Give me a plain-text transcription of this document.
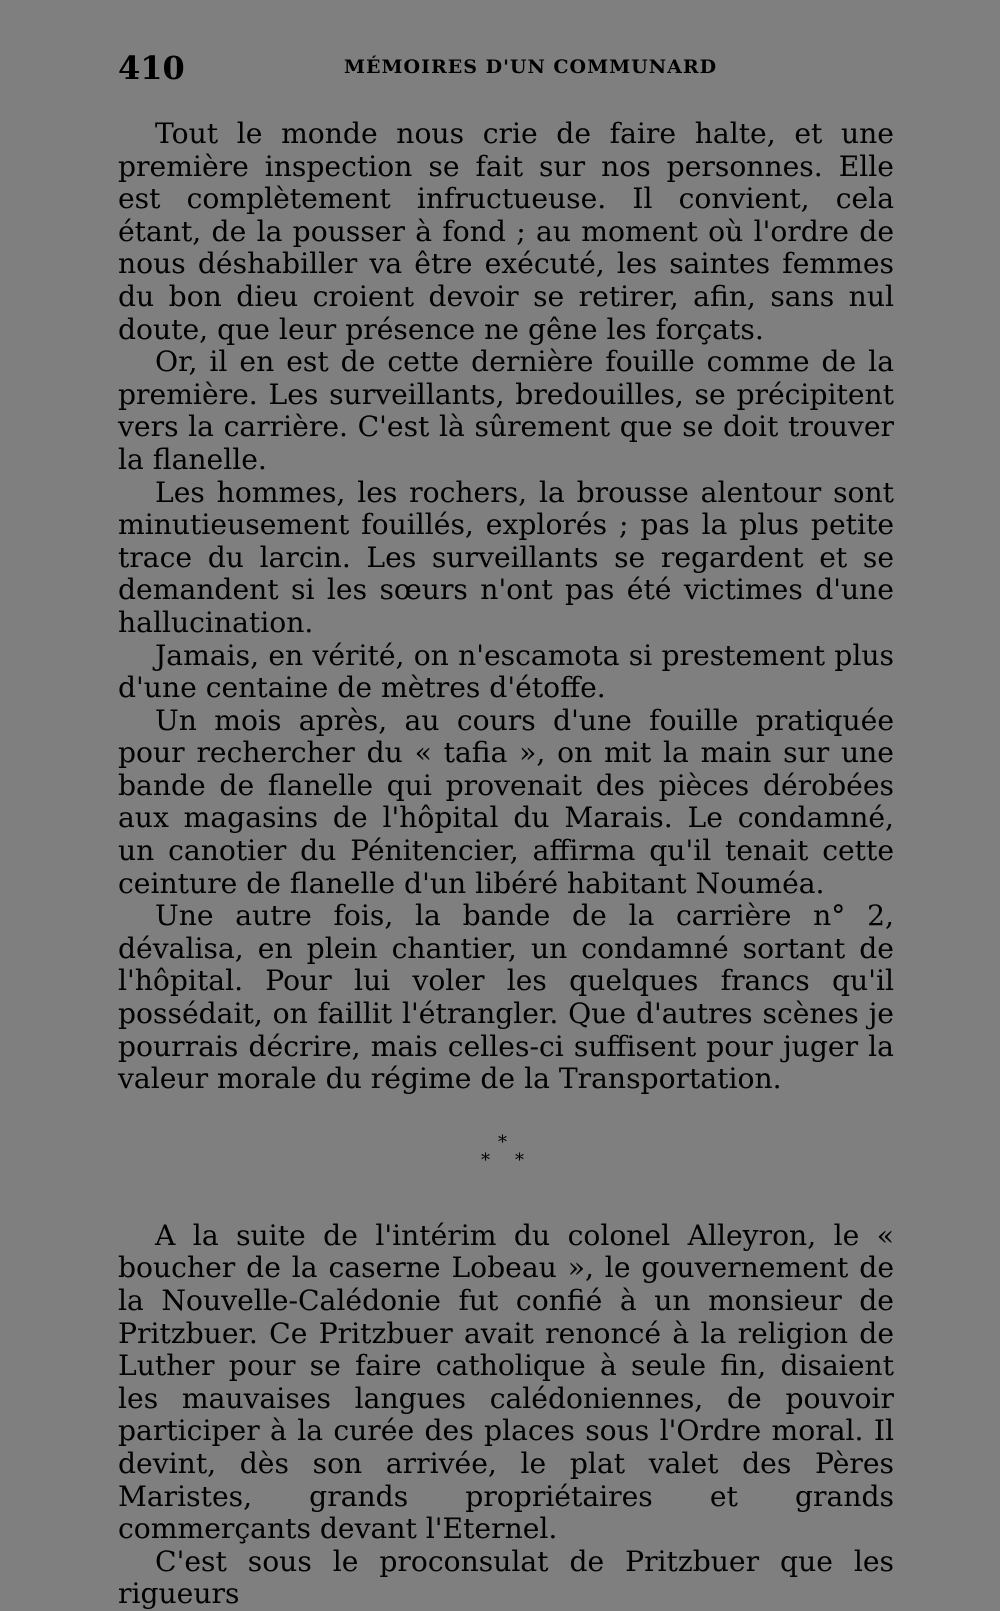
410	MÉMOIRES D'UN COMMUNARD

Tout le monde nous crie de faire halte, et une première inspection se fait sur nos personnes. Elle est complètement infructueuse. Il convient, cela étant, de la pousser à fond ; au moment où l'ordre de nous déshabiller va être exécuté, les saintes femmes du bon dieu croient devoir se retirer, afin, sans nul doute, que leur présence ne gêne les forçats.

Or, il en est de cette dernière fouille comme de la première. Les surveillants, bredouilles, se précipitent vers la carrière. C'est là sûrement que se doit trouver la flanelle.

Les hommes, les rochers, la brousse alentour sont minutieusement fouillés, explorés ; pas la plus petite trace du larcin. Les surveillants se regardent et se demandent si les sœurs n'ont pas été victimes d'une hallucination.

Jamais, en vérité, on n'escamota si prestement plus d'une centaine de mètres d'étoffe.

Un mois après, au cours d'une fouille pratiquée pour rechercher du « tafia », on mit la main sur une bande de flanelle qui provenait des pièces dérobées aux magasins de l'hôpital du Marais. Le condamné, un canotier du Pénitencier, affirma qu'il tenait cette ceinture de flanelle d'un libéré habitant Nouméa.

Une autre fois, la bande de la carrière n° 2, dévalisa, en plein chantier, un condamné sortant de l'hôpital. Pour lui voler les quelques francs qu'il possédait, on faillit l'étrangler. Que d'autres scènes je pourrais décrire, mais celles-ci suffisent pour juger la valeur morale du régime de la Transportation.

*
* *

A la suite de l'intérim du colonel Alleyron, le « boucher de la caserne Lobeau », le gouvernement de la Nouvelle-Calédonie fut confié à un monsieur de Pritzbuer. Ce Pritzbuer avait renoncé à la religion de Luther pour se faire catholique à seule fin, disaient les mauvaises langues calédoniennes, de pouvoir participer à la curée des places sous l'Ordre moral. Il devint, dès son arrivée, le plat valet des Pères Maristes, grands propriétaires et grands commerçants devant l'Eternel.

C'est sous le proconsulat de Pritzbuer que les rigueurs
